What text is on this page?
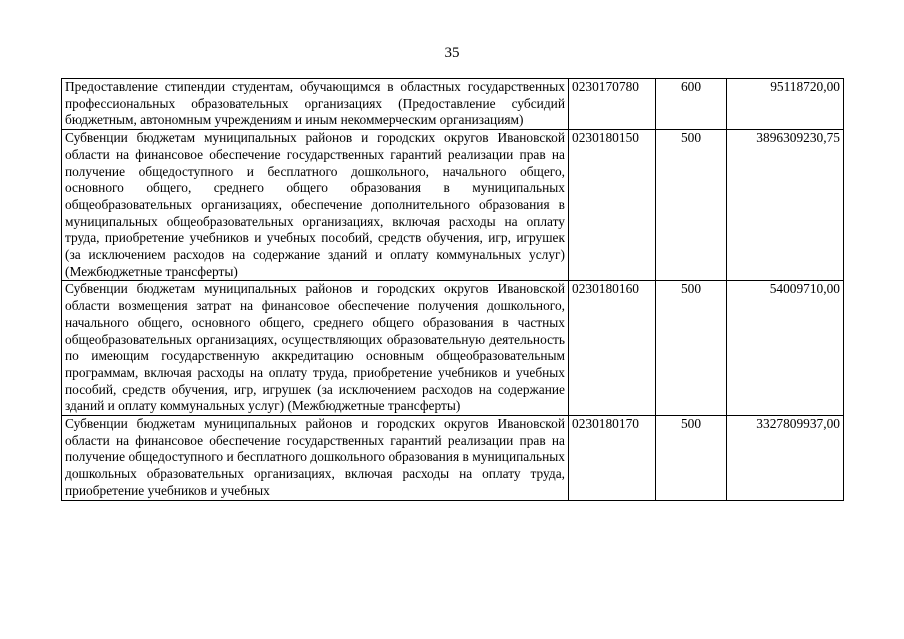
35
Предоставление стипендии студентам, обучающимся в областных государственных профессиональных образовательных организациях (Предоставление субсидий бюджетным, автономным учреждениям и иным некоммерческим организациям)	0230170780	600	95118720,00
Субвенции бюджетам муниципальных районов и городских округов Ивановской области на финансовое обеспечение государственных гарантий реализации прав на получение общедоступного и бесплатного дошкольного, начального общего, основного общего, среднего общего образования в муниципальных общеобразовательных организациях, обеспечение дополнительного образования в муниципальных общеобразовательных организациях, включая расходы на оплату труда, приобретение учебников и учебных пособий, средств обучения, игр, игрушек (за исключением расходов на содержание зданий и оплату коммунальных услуг) (Межбюджетные трансферты)	0230180150	500	3896309230,75
Субвенции бюджетам муниципальных районов и городских округов Ивановской области возмещения затрат на финансовое обеспечение получения дошкольного, начального общего, основного общего, среднего общего образования в частных общеобразовательных организациях, осуществляющих образовательную деятельность по имеющим государственную аккредитацию основным общеобразовательным программам, включая расходы на оплату труда, приобретение учебников и учебных пособий, средств обучения, игр, игрушек (за исключением расходов на содержание зданий и оплату коммунальных услуг) (Межбюджетные трансферты)	0230180160	500	54009710,00

Субвенции бюджетам муниципальных районов и городских округов Ивановской области на финансовое обеспечение государственных гарантий реализации прав на получение общедоступного и бесплатного дошкольного образования в муниципальных дошкольных образовательных организациях, включая расходы на оплату труда, приобретение учебников и учебных	0230180170	500	3327809937,00
